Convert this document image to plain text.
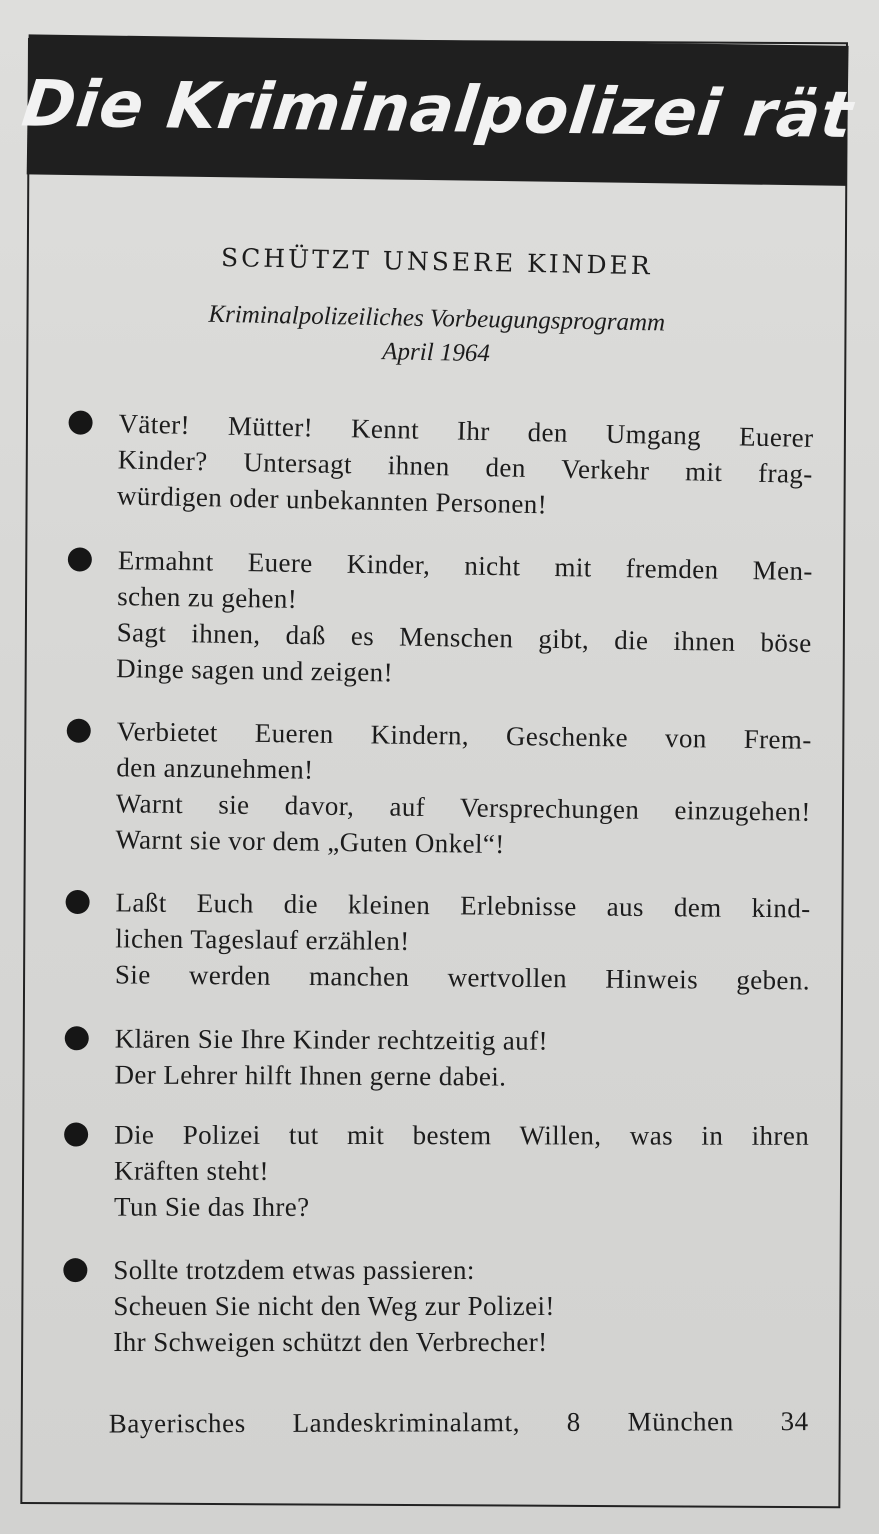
Die Kriminalpolizei rät
SCHÜTZT UNSERE KINDER
Kriminalpolizeiliches Vorbeugungsprogramm
April 1964
Väter! Mütter! Kennt Ihr den Umgang Euerer
Kinder? Untersagt ihnen den Verkehr mit frag-
würdigen oder unbekannten Personen!
Ermahnt Euere Kinder, nicht mit fremden Men-
schen zu gehen!
Sagt ihnen, daß es Menschen gibt, die ihnen böse
Dinge sagen und zeigen!
Verbietet Eueren Kindern, Geschenke von Frem-
den anzunehmen!
Warnt sie davor, auf Versprechungen einzugehen!
Warnt sie vor dem „Guten Onkel“!
Laßt Euch die kleinen Erlebnisse aus dem kind-
lichen Tageslauf erzählen!
Sie werden manchen wertvollen Hinweis geben.
Klären Sie Ihre Kinder rechtzeitig auf!
Der Lehrer hilft Ihnen gerne dabei.
Die Polizei tut mit bestem Willen, was in ihren
Kräften steht!
Tun Sie das Ihre?
Sollte trotzdem etwas passieren:
Scheuen Sie nicht den Weg zur Polizei!
Ihr Schweigen schützt den Verbrecher!
Bayerisches Landeskriminalamt, 8 München 34
